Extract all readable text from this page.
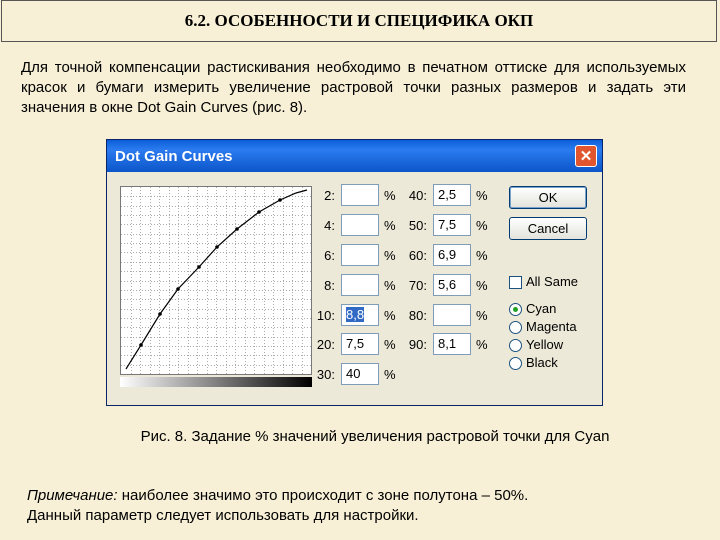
6.2. ОСОБЕННОСТИ И СПЕЦИФИКА ОКП
Для точной компенсации растискивания необходимо в печатном оттиске для используемых красок и бумаги измерить увеличение растровой точки разных размеров и задать эти значения в окне Dot Gain Curves (рис. 8).
Dot Gain Curves	✕
2:	%
4:	%
6:	%
8:	%
10: 8,8	%
20: 7,5	%
30: 40	%
40: 2,5	%
50: 7,5	%
60: 6,9	%
70: 5,6	%
80:	%
90: 8,1	%
OK
Cancel
All Same
Cyan
Magenta
Yellow
Black
Рис. 8. Задание % значений увеличения растровой точки для Cyan
Примечание: наиболее значимо это происходит с зоне полутона – 50%.
Данный параметр следует использовать для настройки.
